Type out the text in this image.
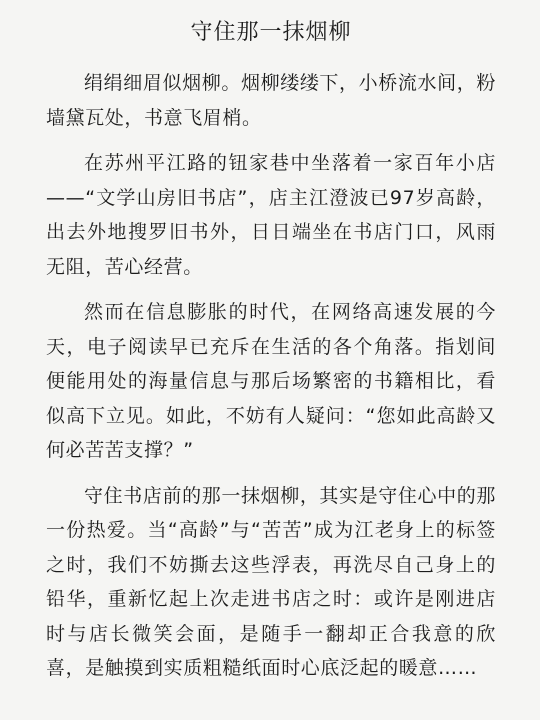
守住那一抹烟柳

绢绢细眉似烟柳。烟柳缕缕下，小桥流水间，粉墙黛瓦处，书意飞眉梢。

在苏州平江路的钮家巷中坐落着一家百年小店——“文学山房旧书店”，店主江澄波已97岁高龄，出去外地搜罗旧书外，日日端坐在书店门口，风雨无阻，苦心经营。

然而在信息膨胀的时代，在网络高速发展的今天，电子阅读早已充斥在生活的各个角落。指划间便能用处的海量信息与那后场繁密的书籍相比，看似高下立见。如此，不妨有人疑问：“您如此高龄又何必苦苦支撑？”

守住书店前的那一抹烟柳，其实是守住心中的那一份热爱。当“高龄”与“苦苦”成为江老身上的标签之时，我们不妨撕去这些浮表，再洗尽自己身上的铅华，重新忆起上次走进书店之时：或许是刚进店时与店长微笑会面，是随手一翻却正合我意的欣喜，是触摸到实质粗糙纸面时心底泛起的暖意……
